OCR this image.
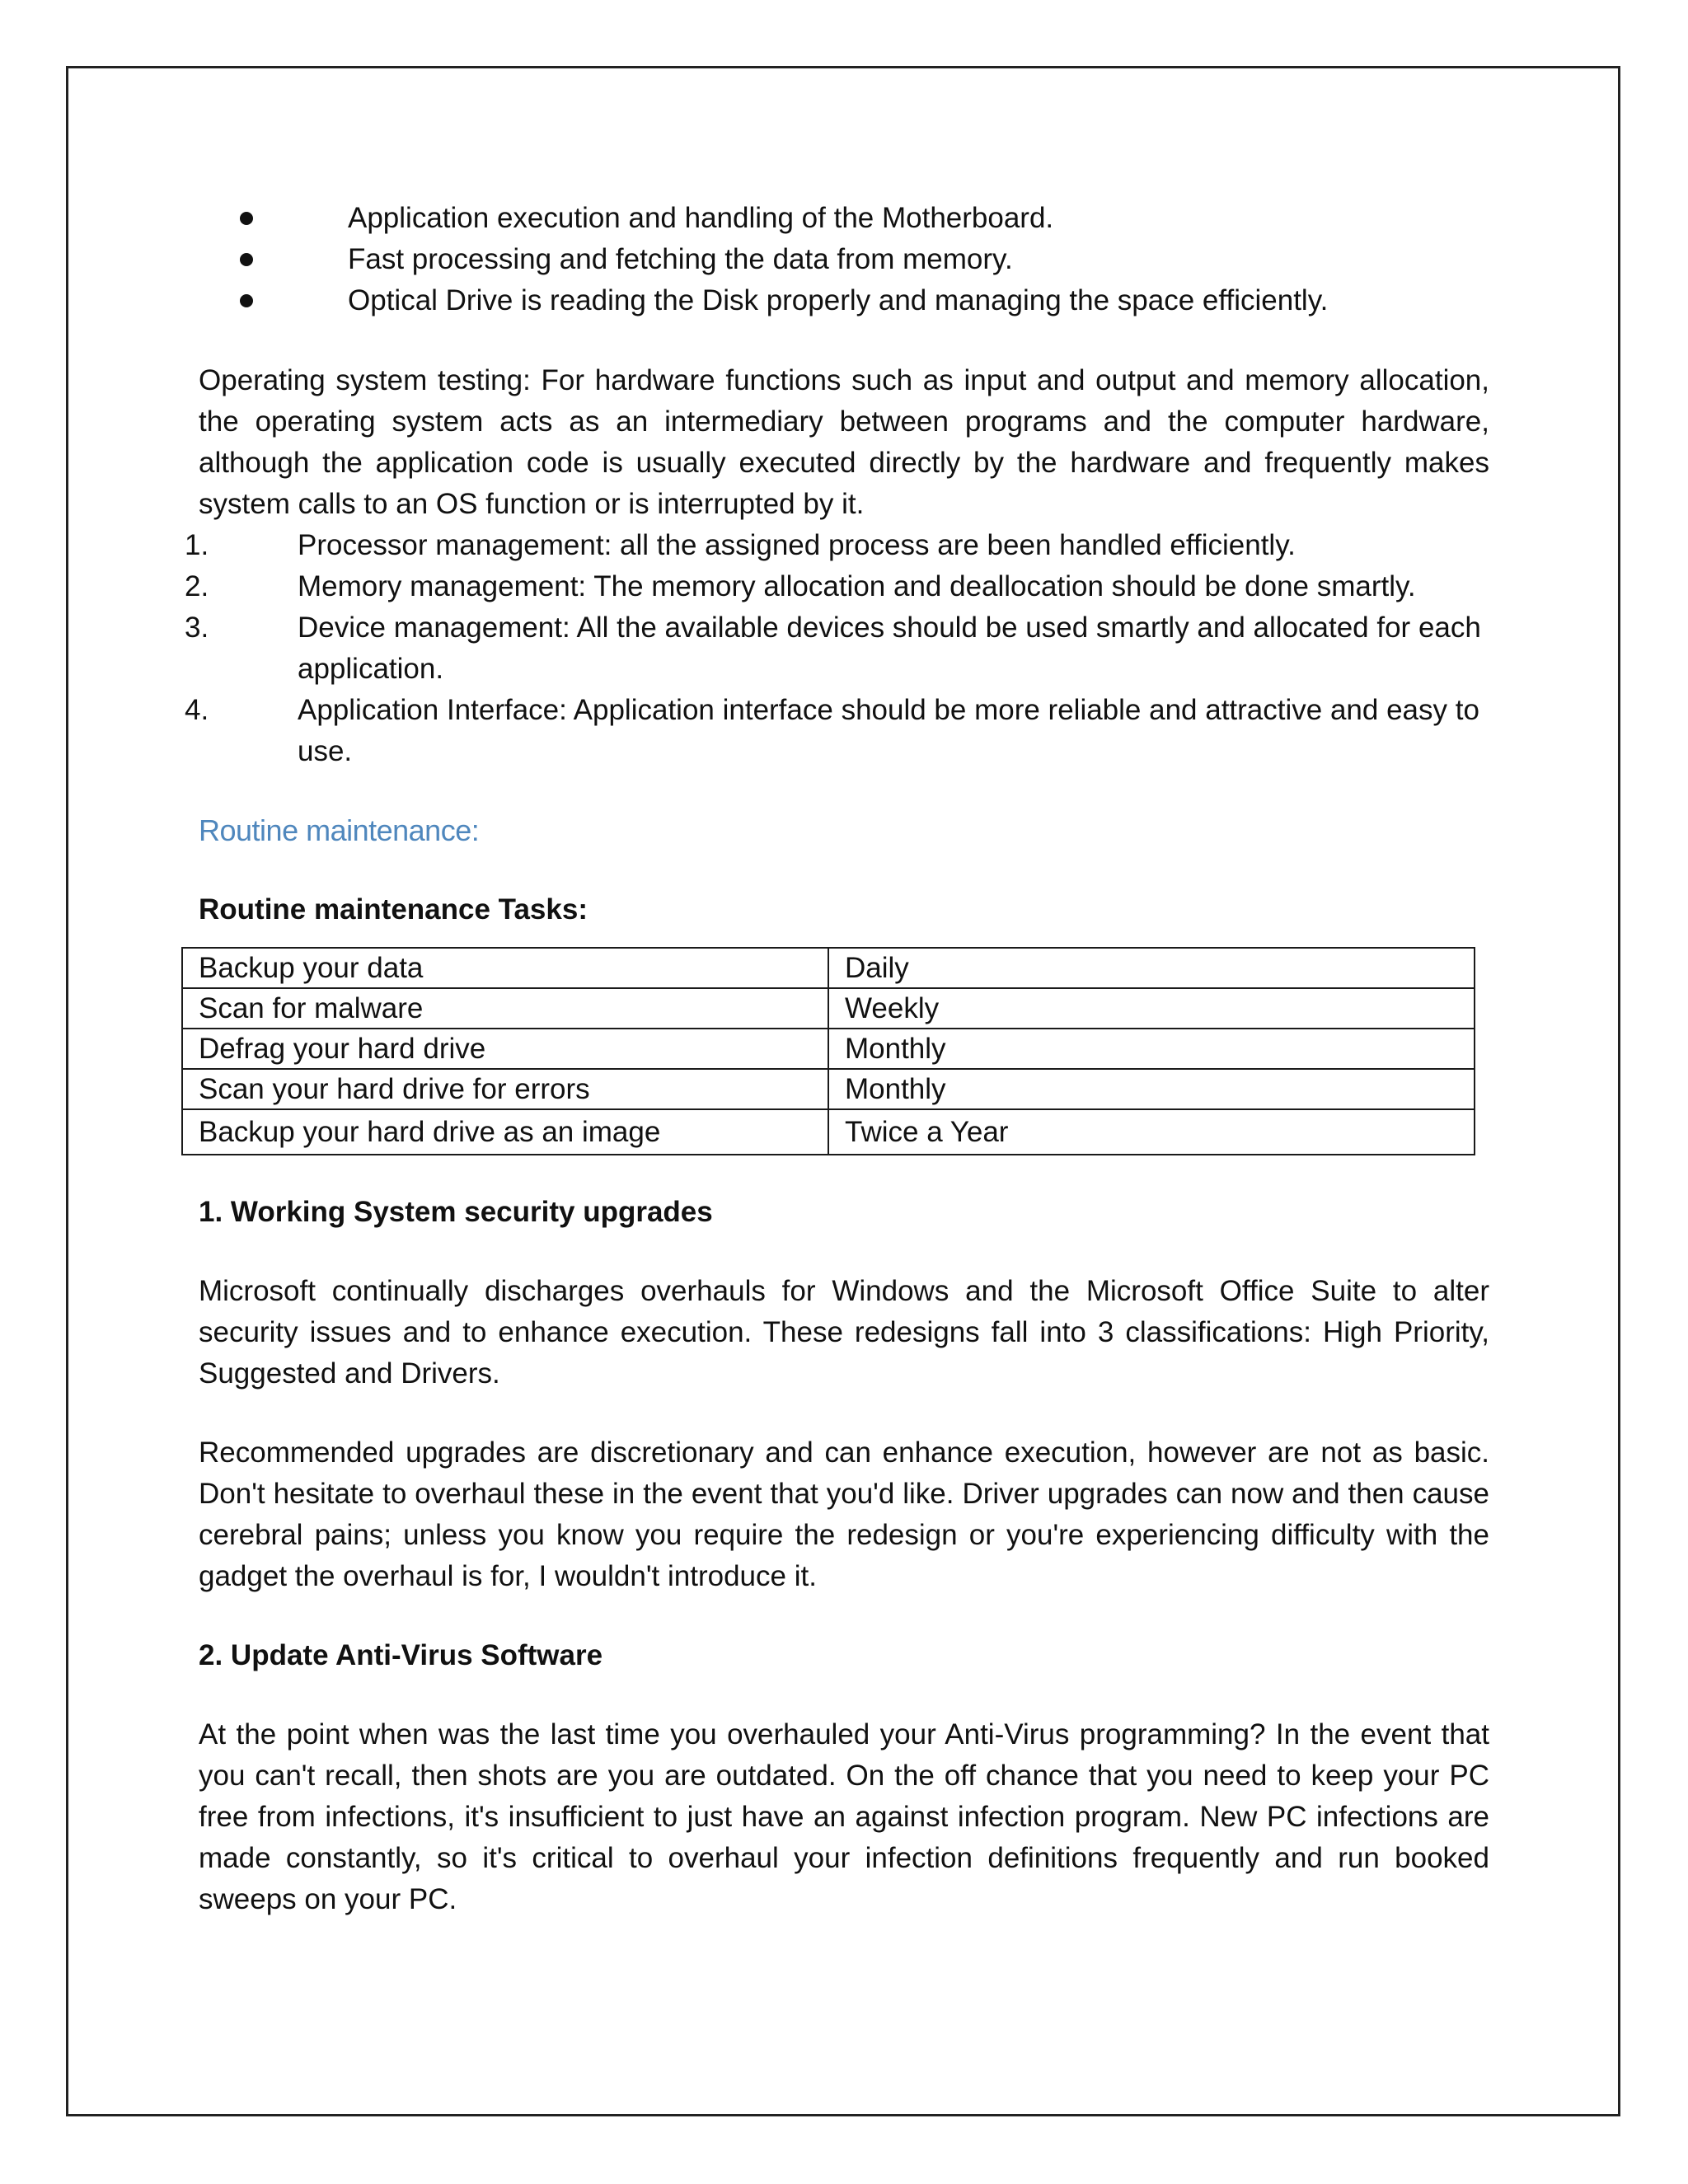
Application execution and handling of the Motherboard.
Fast processing and fetching the data from memory.
Optical Drive is reading the Disk properly and managing the space efficiently.

Operating system testing: For hardware functions such as input and output and memory allocation, the operating system acts as an intermediary between programs and the computer hardware, although the application code is usually executed directly by the hardware and frequently makes system calls to an OS function or is interrupted by it.

1.	Processor management: all the assigned process are been handled efficiently.
2.	Memory management: The memory allocation and deallocation should be done smartly.
3.	Device management: All the available devices should be used smartly and allocated for each application.
4.	Application Interface: Application interface should be more reliable and attractive and easy to use.

Routine maintenance:

Routine maintenance Tasks:

Backup your data	Daily
Scan for malware	Weekly
Defrag your hard drive	Monthly
Scan your hard drive for errors	Monthly
Backup your hard drive as an image	Twice a Year

1. Working System security upgrades

Microsoft continually discharges overhauls for Windows and the Microsoft Office Suite to alter security issues and to enhance execution. These redesigns fall into 3 classifications: High Priority, Suggested and Drivers.

Recommended upgrades are discretionary and can enhance execution, however are not as basic. Don't hesitate to overhaul these in the event that you'd like. Driver upgrades can now and then cause cerebral pains; unless you know you require the redesign or you're experiencing difficulty with the gadget the overhaul is for, I wouldn't introduce it.

2. Update Anti-Virus Software

At the point when was the last time you overhauled your Anti-Virus programming? In the event that you can't recall, then shots are you are outdated. On the off chance that you need to keep your PC free from infections, it's insufficient to just have an against infection program. New PC infections are made constantly, so it's critical to overhaul your infection definitions frequently and run booked sweeps on your PC.
